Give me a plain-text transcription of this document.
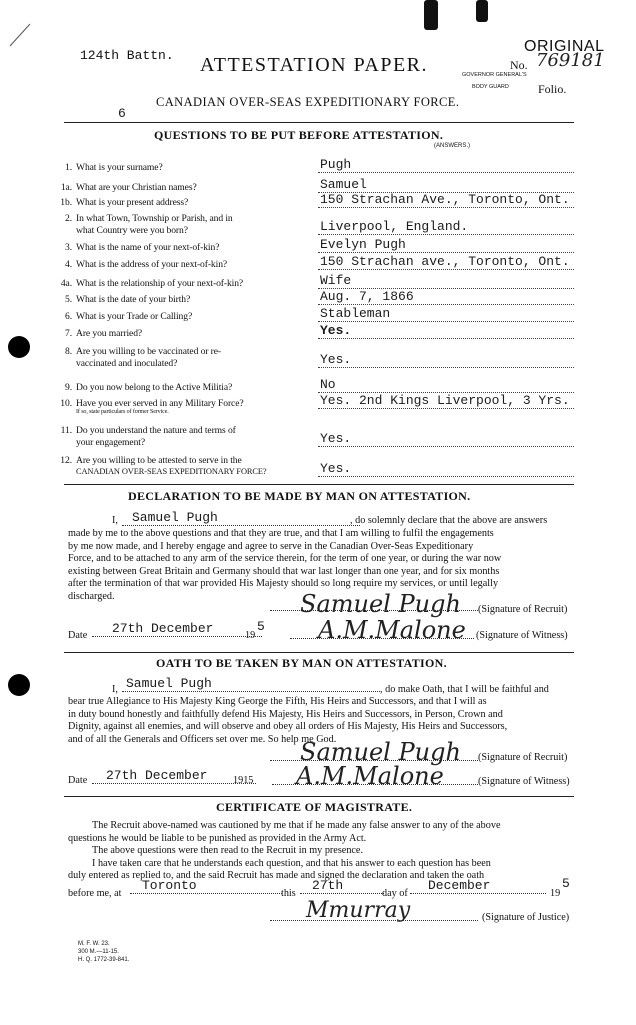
124th Battn. ATTESTATION PAPER.
ORIGINAL
No. 769181
GOVERNOR GENERAL'S
BODY GUARD Folio.
CANADIAN OVER-SEAS EXPEDITIONARY FORCE.
6
QUESTIONS TO BE PUT BEFORE ATTESTATION.
(ANSWERS.)
1. What is your surname?	Pugh
1a. What are your Christian names?	Samuel
1b. What is your present address?	150 Strachan Ave., Toronto, Ont.
2. In what Town, Township or Parish, and in
what Country were you born?	Liverpool, England.
3. What is the name of your next-of-kin?	Evelyn Pugh
4. What is the address of your next-of-kin?	150 Strachan ave., Toronto, Ont.
4a. What is the relationship of your next-of-kin?	Wife
5. What is the date of your birth?	Aug. 7, 1866
6. What is your Trade or Calling?	Stableman
7. Are you married?	Yes.
8. Are you willing to be vaccinated or re-
vaccinated and inoculated?	Yes.
9. Do you now belong to the Active Militia?	No
10. Have you ever served in any Military Force?
If so, state particulars of former Service.
Yes. 2nd Kings Liverpool, 3 Yrs.
11. Do you understand the nature and terms of
your engagement?	Yes.
12. Are you willing to be attested to serve in the
CANADIAN OVER-SEAS EXPEDITIONARY FORCE?	Yes.
DECLARATION TO BE MADE BY MAN ON ATTESTATION.
I,	Samuel Pugh	, do solemnly declare that the above are answers
made by me to the above questions and that they are true, and that I am willing to fulfil the engagements
by me now made, and I hereby engage and agree to serve in the Canadian Over-Seas Expeditionary
Force, and to be attached to any arm of the service therein, for the term of one year, or during the war now
existing between Great Britain and Germany should that war last longer than one year, and for six months
after the termination of that war provided His Majesty should so long require my services, or until legally
discharged.	Samuel Pugh (Signature of Recruit)
Date	27th December	19
5 A.M.Malone (Signature of Witness)
OATH TO BE TAKEN BY MAN ON ATTESTATION.
I, Samuel Pugh	, do make Oath, that I will be faithful and
bear true Allegiance to His Majesty King George the Fifth, His Heirs and Successors, and that I will as
in duty bound honestly and faithfully defend His Majesty, His Heirs and Successors, in Person, Crown and
Dignity, against all enemies, and will observe and obey all orders of His Majesty, His Heirs and Successors,
and of all the Generals and Officers set over me. So help me God.
Samuel Pugh (Signature of Recruit)
Date	27th December	1915 A.M.Malone	(Signature of Witness)
CERTIFICATE OF MAGISTRATE.
The Recruit above-named was cautioned by me that if he made any false answer to any of the above
questions he would be liable to be punished as provided in the Army Act.
The above questions were then read to the Recruit in my presence.
I have taken care that he understands each question, and that his answer to each question has been
duly entered as replied to, and the said Recruit has made and signed the declaration and taken the oath
before me, at
Toronto
this
27th
day of
December
19
5
Mmurray	(Signature of Justice)
M. F. W. 23.
300 M.—11-15.
H. Q. 1772-39-841.
